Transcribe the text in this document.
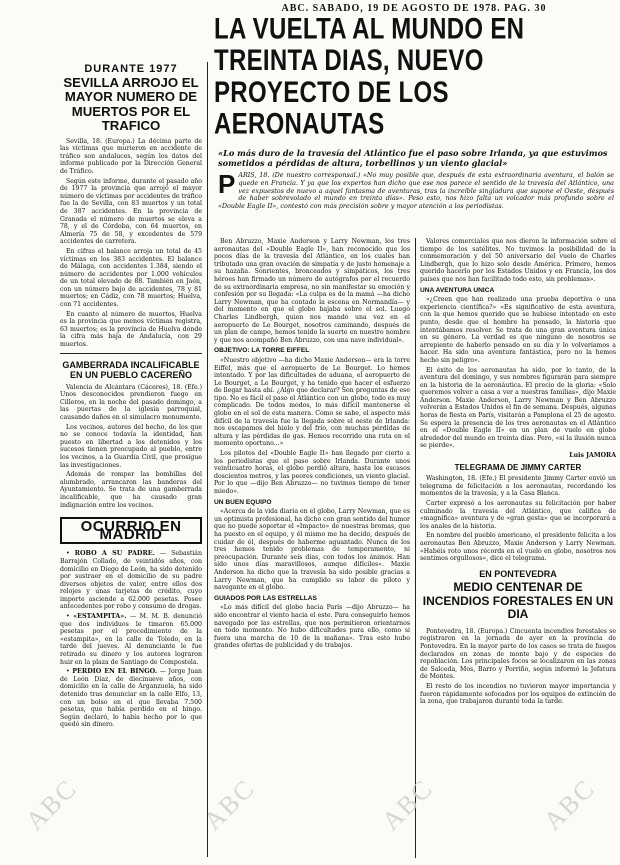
ABC. SABADO, 19 DE AGOSTO DE 1978. PAG. 30
DURANTE 1977
SEVILLA ARROJO EL MAYOR NUMERO DE MUERTOS POR EL TRAFICO

Sevilla, 18. (Europa.) La décima parte de las víctimas que murieron en accidente de tráfico son andaluces, según los datos del informe publicado por la Dirección General de Tráfico.

Según este informe, durante el pasado año de 1977 la provincia que arrojó el mayor número de víctimas por accidentes de tráfico fue la de Sevilla, con 83 muertos y un total de 387 accidentes. En la provincia de Granada el número de muertos se eleva a 78, y el de Córdoba, con 64 muertos, en Almería 75 de 58, y excedentes de 579 accidentes de carretera.

En cifras el balance arroja un total de 45 víctimas en los 383 accidentes. El balance de Málaga, con accidentes 1.384, siendo el número de accidentes por 1.000 vehículos de un total elevado de 88. También en Jaén, con un número bajo de accidentes, 78 y 81 muertos; en Cádiz, con 78 muertos; Huelva, con 71 accidentes.

En cuanto al número de muertos, Huelva es la provincia que menos víctimas registra, 63 muertos; es la provincia de Huelva donde la cifra más baja de Andalucía, con 29 muertos.

GAMBERRADA INCALIFICABLE EN UN PUEBLO CACEREÑO

Valencia de Alcántara (Cáceres), 18. (Efe.) Unos desconocidos prendieron fuego en Cilleros, en la noche del pasado domingo, a las puertas de la iglesia parroquial, causando daños en el simulacro monumento.

Los vecinos, autores del hecho, de los que no se conoce todavía la identidad, han puesto en libertad a los detenidos y los sucesos tienen preocupado al pueblo, entre los vecinos, a la Guardia Civil, que prosigue las investigaciones.

Además de romper las bombillas del alumbrado, arrancaron las banderas del Ayuntamiento. Se trata de una gamberrada incalificable, que ha causado gran indignación entre los vecinos.

OCURRIO EN MADRID

• ROBO A SU PADRE. — Sebastián Barrajón Collado, de veintidós años, con domicilio en Diego de León, ha sido detenido por sustraer en el domicilio de su padre diversos objetos de valor, entre ellos dos relojes y unas tarjetas de crédito, cuyo importe asciende a 62.000 pesetas. Posee antecedentes por robo y consumo de drogas.

• «ESTAMPITA». — M. M. B. denunció que dos individuos le timaron 65.000 pesetas por el procedimiento de la «estampita», en la calle de Toledo, en la tarde del jueves. Al denunciante le fue retirado su dinero y los autores lograron huir en la plaza de Santiago de Compostela.

• PERDIO EN EL BINGO. — Jorge Juan de León Díaz, de diecinueve años, con domicilio en la calle de Arganzuela, ha sido detenido tras denunciar en la calle Elfo, 13, con un bolso en el que llevaba 7.500 pesetas, que había perdido en el bingo. Según declaró, lo había hecho por lo que quedó sin dinero.

LA VUELTA AL MUNDO EN TREINTA DIAS, NUEVO PROYECTO DE LOS AERONAUTAS
«Lo más duro de la travesía del Atlántico fue el paso sobre Irlanda, ya que estuvimos sometidos a pérdidas de altura, torbellinos y un viento glacial»
PARIS, 18. (De nuestro corresponsal.) «No muy posible que, después de esta extraordinaria aventura, el balón se quede en Francia. Y ya que los expertos han dicho que ese nos parece el sentido de la travesía del Atlántico, una vez expuestos de nuevo a aquel fantasma de aventuras, tras la increíble singladura que supone el Oeste, después de haber sobrevolado el mundo en treinta días». Peso esto, nos hizo falta un volcador más profundo sobre el «Double Eagle II», contestó con más precisión sobre y mayor atención a los periodistas.

Ben Abruzzo, Maxie Anderson y Larry Newman, los tres aeronautas del «Double Eagle II», han reconocido que los pocos días de la travesía del Atlántico, en los cuales han tributado una gran ovación de simpatía y de justo homenaje a su hazaña. Sonrientes, bronceados y simpáticos, los tres héroes han firmado un número de autógrafos por el recuerdo de su extraordinaria empresa, no sin manifestar su emoción y confesión por su llegada: «La culpa es de la mamá —ha dicho Larry Newman, que ha contado la escena en Normandía— y del momento en que el globo bajaba sobre el sol. Luego Charles Lindbergh, quien nos mandó una vez en el aeropuerto de Le Bourget, nosotros caminando, después de un plan de campo, hemos tenido la suerte en nuestro nombre y que nos acompañó Ben Abruzzo, con una nave individual».

OBJETIVO: LA TORRE EIFFEL

«Nuestro objetivo —ha dicho Maxie Anderson— era la torre Eiffel, más que el aeropuerto de Le Bourget. Lo hemos intentado. Y por las dificultades de aduana, el aeropuerto de Le Bourget, a Le Bourget, y ha tenido que hacer el esfuerzo de llegar hasta ahí. ¿Algo que declarar? Son preguntas de ese tipo. No es fácil el paso el Atlántico con un globo, todo es muy complicado. De todos modos, lo más difícil mantenerse el globo en el sol de esta manera. Como se sabe, el aspecto más difícil de la travesía fue la llegada sobre el oeste de Irlanda: nos escapamos del hielo y del frío, con muchas pérdidas de altura y las pérdidas de gas. Hemos recorrido una ruta en el momento oportuno...»

Los pilotos del «Double Eagle II» han llegado por cierto a los periodistas que el paso sobre Irlanda. Durante unos veinticuatro horas, el globo perdió altura, hasta los escasos doscientos metros, y las peores condiciones, un viento glacial. Por lo que —dijo Ben Abruzzo— no tuvimos tiempo de tener miedo».

UN BUEN EQUIPO

«Acerca de la vida diaria en el globo, Larry Newman, que es un optimista profesional, ha dicho con gran sentido del humor que no puede soportar el «Impacto» de nuestras bromas, que ha puesto en el equipo, y él mismo me ha decido, después de cuidar de él, después de haberme aguantado. Nunca de los tres hemos tenido problemas de temperamento, ni preocupación. Durante seis días, con todos los ánimos. Han sido unos días maravillosos, aunque difíciles». Maxie Anderson ha dicho que la travesía ha sido posible gracias a Larry Newman, que ha cumplido su labor de piloto y navegante en el globo.

GUIADOS POR LAS ESTRELLAS

«Lo más difícil del globo hacia París —dijo Abruzzo— ha sido encontrar el viento hacia el este. Para conseguirlo hemos navegado por las estrellas, que nos permitieron orientarnos en todo momento. No hubo dificultades para ello, como si fuera una marcha de 10 de la mañana». Tras esto hubo grandes ofertas de publicidad y de trabajos.

Valores comerciales que nos dieron la información sobre el tiempo de los satélites. No tuvimos la posibilidad de la conmemoración y del 50 aniversario del vuelo de Charles Lindbergh, que lo hizo solo desde América. Primero, hemos querido hacerlo por los Estados Unidos y en Francia, los dos países que nos han facilitado todo esto, sin problemas».

UNA AVENTURA UNICA

«¿Creen que han realizado una prueba deportiva o una experiencia científica?» «Es significativo de esta aventura, con la que hemos querido que se hubiese intentado en este punto, desde que el hombre ha pensado, la historia que intentábamos resolver. Se trata de una gran aventura única en su género. La verdad es que ninguno de nosotros se arrepiente de haberlo pensado en su día y lo volveríamos a hacer. Ha sido una aventura fantástica, pero no la hemos hecho sin peligro».

El éxito de los aeronautas ha sido, por lo tanto, de la aventura del domingo, y sus nombres figurarán para siempre en la historia de la aeronáutica. El precio de la gloria: «Solo queremos volver a casa a ver a nuestras familias», dijo Maxie Anderson. Maxie Anderson, Larry Newman y Ben Abruzzo volverán a Estados Unidos el fin de semana. Después, algunas horas de fiesta en París, visitarán a Pamplona el 25 de agosto. Se espera la presencia de los tres aeronautas en el Atlántico en el «Double Eagle II» en un plan de vuelo en globo alrededor del mundo en treinta días. Pero, «si la ilusión nunca se pierde».

Luis JAMORA
TELEGRAMA DE JIMMY CARTER

Washington, 18. (Efe.) El presidente Jimmy Carter envió un telegrama de felicitación a los aeronautas, recordando los momentos de la travesía, y a la Casa Blanca.

Carter expresó a los aeronautas su felicitación por haber culminado la travesía del Atlántico, que califica de «magnífica» aventura y de «gran gesta» que se incorporará a los anales de la historia.

En nombre del pueblo americano, el presidente felicita a los aeronautas Ben Abruzzo, Maxie Anderson y Larry Newman. «Habéis roto unos récords en el vuelo en globo, nosotros nos sentimos orgullosos», dice el telegrama.

EN PONTEVEDRA
MEDIO CENTENAR DE INCENDIOS FORESTALES EN UN DIA

Pontevedra, 18. (Europa.) Cincuenta incendios forestales se registraron en la jornada de ayer en la provincia de Pontevedra. En la mayor parte de los casos se trata de fuegos declarados en zonas de monte bajo y de especies de repoblación. Los principales focos se localizaron en las zonas de Salceda, Mos, Barro y Porriño, según informó la Jefatura de Montes.

El resto de los incendios no tuvieron mayor importancia y fueron rápidamente sofocados por los equipos de extinción de la zona, que trabajaron durante toda la tarde.

ABC	ABC	ABC	ABC
